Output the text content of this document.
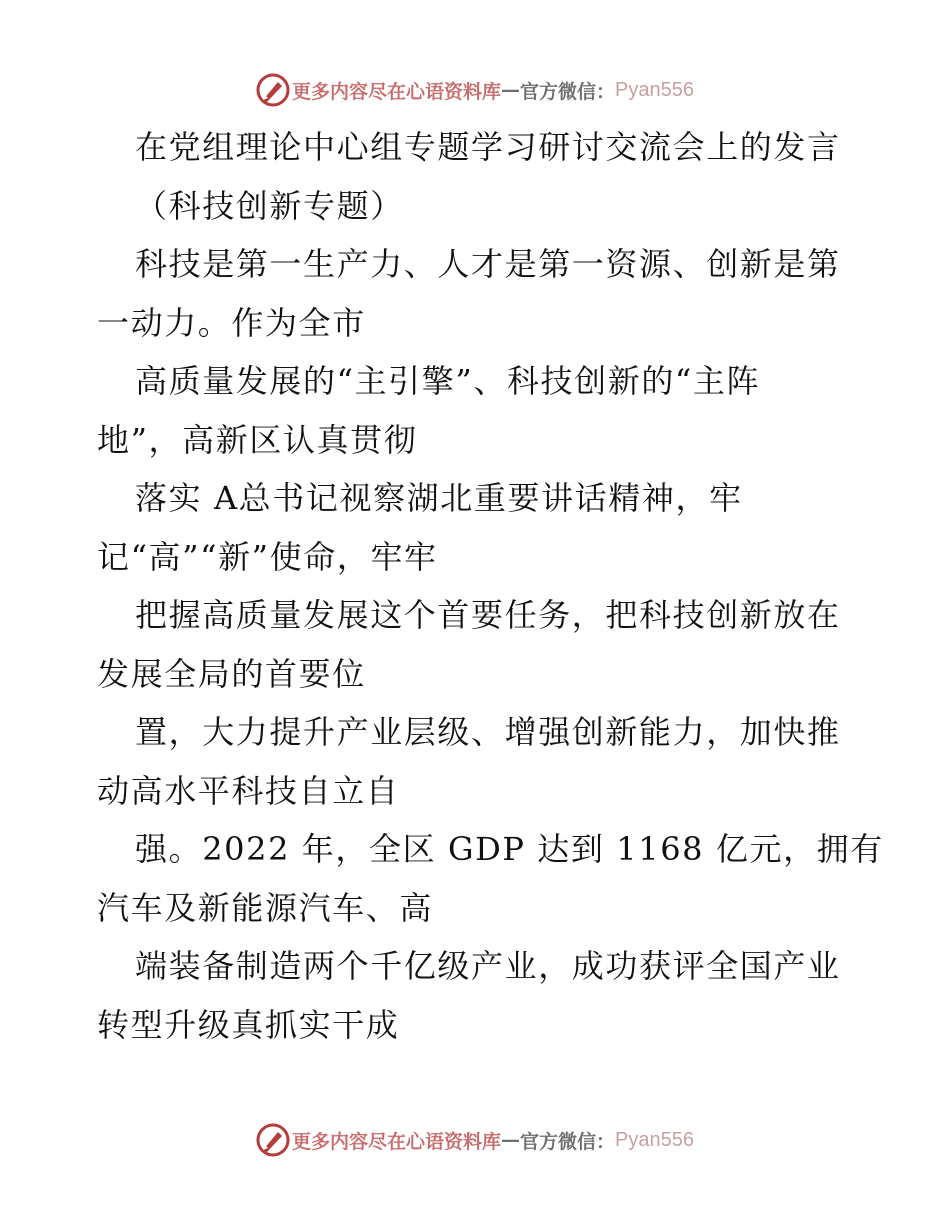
更多内容尽在心语资料库 — 官方微信： Pyan556
在党组理论中心组专题学习研讨交流会上的发言
（科技创新专题）
科技是第一生产力、人才是第一资源、创新是第
一动力。作为全市
高质量发展的“主引擎”、科技创新的“主阵
地”，高新区认真贯彻
落实 A总书记视察湖北重要讲话精神，牢
记“高”“新”使命，牢牢
把握高质量发展这个首要任务，把科技创新放在
发展全局的首要位
置，大力提升产业层级、增强创新能力，加快推
动高水平科技自立自
强。2022 年，全区 GDP 达到 1168 亿元，拥有
汽车及新能源汽车、高
端装备制造两个千亿级产业，成功获评全国产业
转型升级真抓实干成
更多内容尽在心语资料库 — 官方微信： Pyan556
